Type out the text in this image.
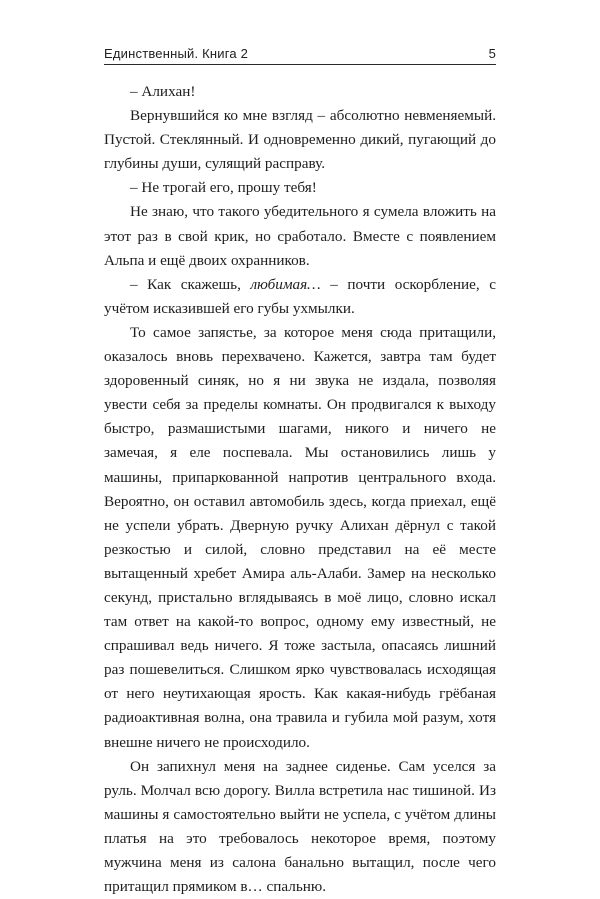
Единственный. Книга 2	5

– Алихан!

Вернувшийся ко мне взгляд – абсолютно невменяемый. Пустой. Стеклянный. И одновременно дикий, пугающий до глубины души, сулящий расправу.

– Не трогай его, прошу тебя!

Не знаю, что такого убедительного я сумела вложить на этот раз в свой крик, но сработало. Вместе с появлением Альпа и ещё двоих охранников.

– Как скажешь, любимая… – почти оскорбление, с учётом исказившей его губы ухмылки.

То самое запястье, за которое меня сюда притащили, оказалось вновь перехвачено. Кажется, завтра там будет здоровенный синяк, но я ни звука не издала, позволяя увести себя за пределы комнаты. Он продвигался к выходу быстро, размашистыми шагами, никого и ничего не замечая, я еле поспевала. Мы остановились лишь у машины, припаркованной напротив центрального входа. Вероятно, он оставил автомобиль здесь, когда приехал, ещё не успели убрать. Дверную ручку Алихан дёрнул с такой резкостью и силой, словно представил на её месте вытащенный хребет Амира аль-Алаби. Замер на несколько секунд, пристально вглядываясь в моё лицо, словно искал там ответ на какой-то вопрос, одному ему известный, не спрашивал ведь ничего. Я тоже застыла, опасаясь лишний раз пошевелиться. Слишком ярко чувствовалась исходящая от него неутихающая ярость. Как какая-нибудь грёбаная радиоактивная волна, она травила и губила мой разум, хотя внешне ничего не происходило.

Он запихнул меня на заднее сиденье. Сам уселся за руль. Молчал всю дорогу. Вилла встретила нас тишиной. Из машины я самостоятельно выйти не успела, с учётом длины платья на это требовалось некоторое время, поэтому мужчина меня из салона банально вытащил, после чего притащил прямиком в… спальню.
